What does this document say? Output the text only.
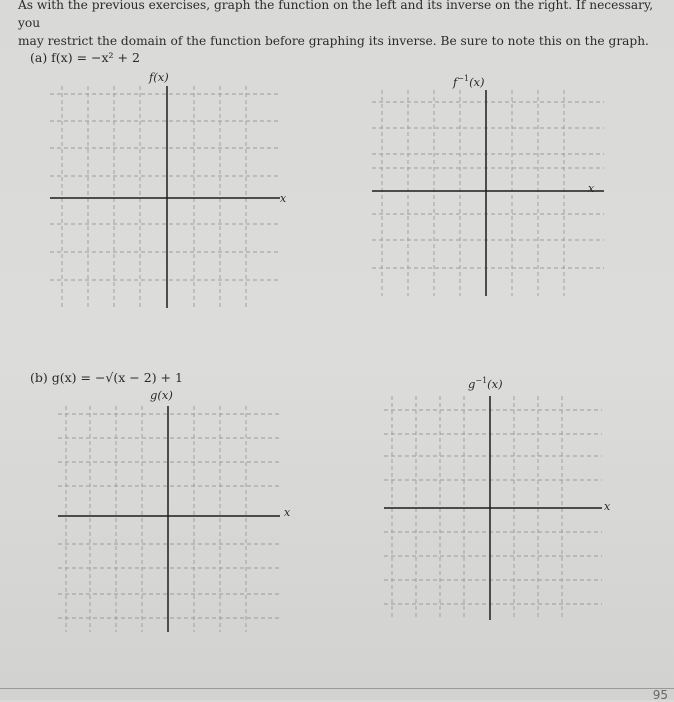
As with the previous exercises, graph the function on the left and its inverse on the right. If necessary, you
may restrict the domain of the function before graphing its inverse. Be sure to note this on the graph.
(a) f(x) = −x² + 2
f(x)	$f^{-1}(x)$
x
x
(b) g(x) = −√(x − 2) + 1
g(x)
$g^{-1}(x)$
x	x
95
